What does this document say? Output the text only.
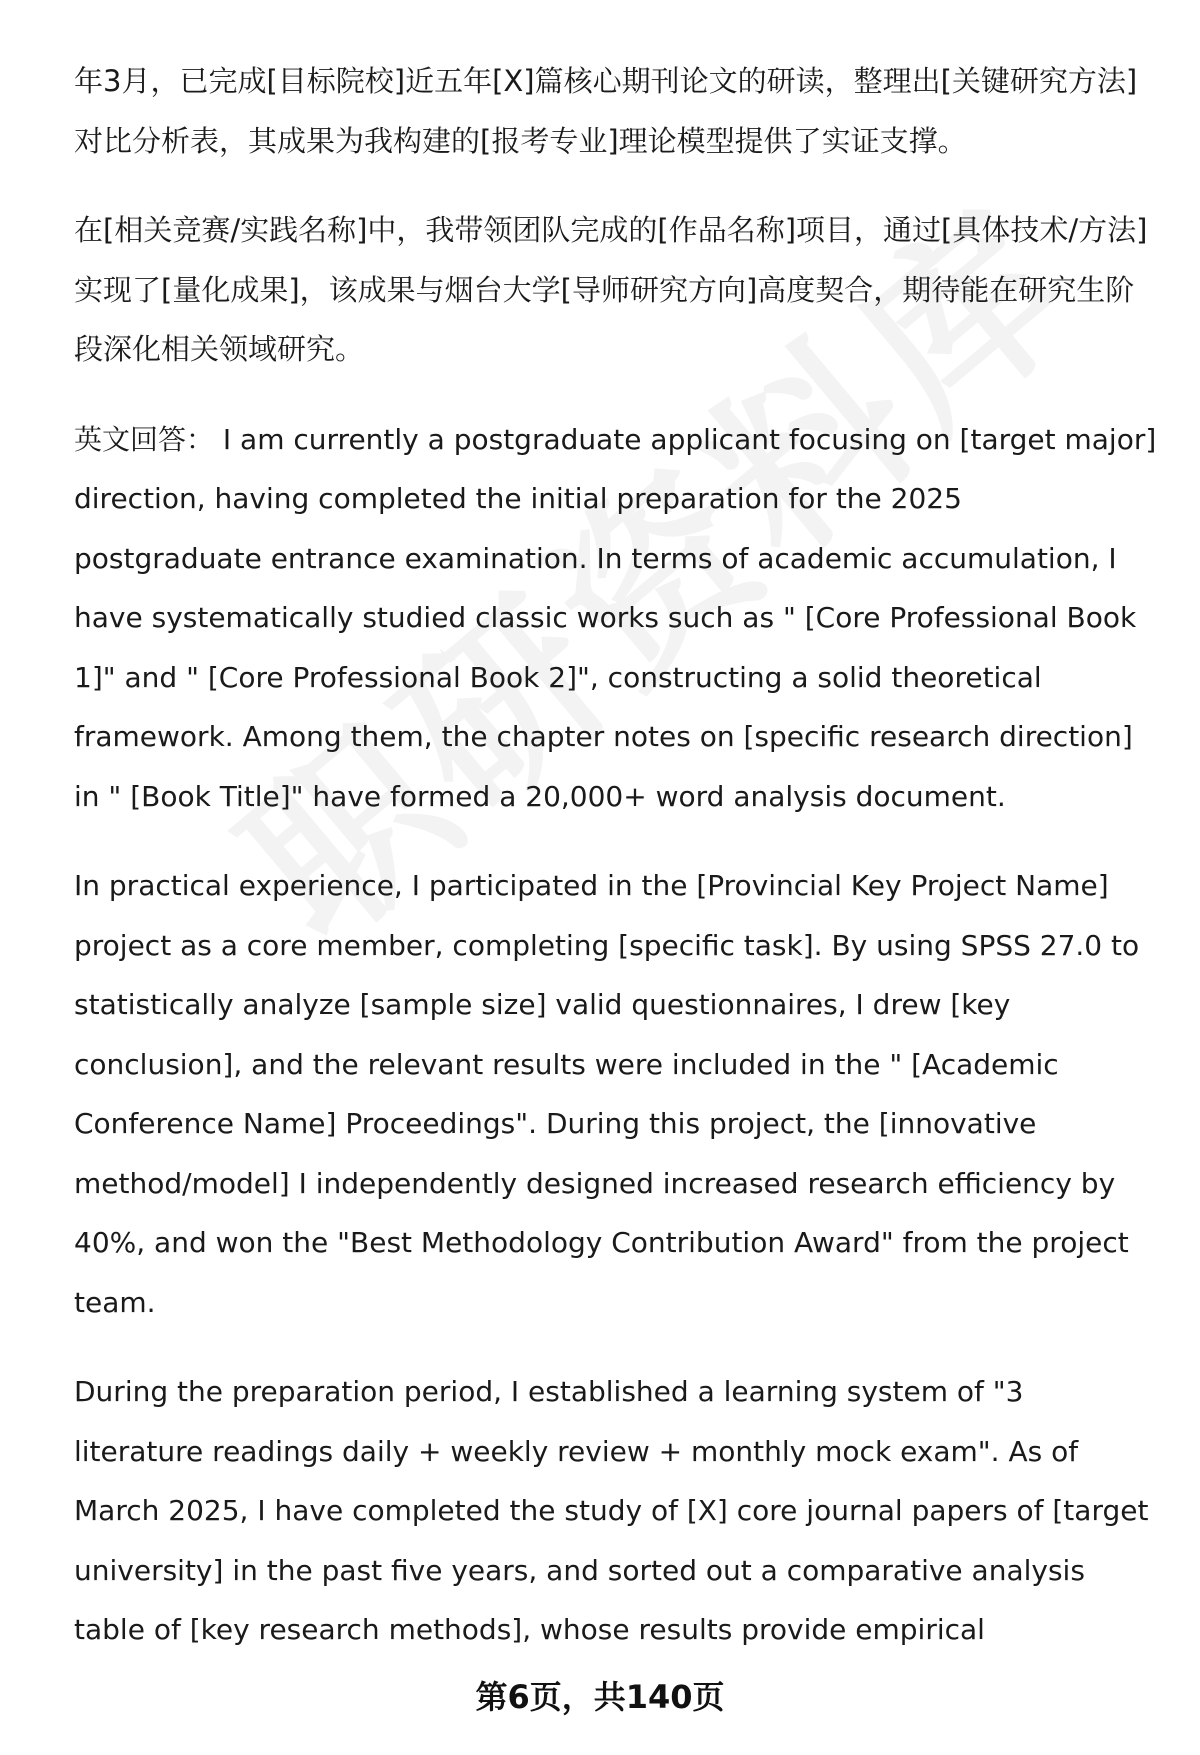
年3月，已完成[目标院校]近五年[X]篇核心期刊论文的研读，整理出[关键研究方法]对比分析表，其成果为我构建的[报考专业]理论模型提供了实证支撑。

在[相关竞赛/实践名称]中，我带领团队完成的[作品名称]项目，通过[具体技术/方法]实现了[量化成果]，该成果与烟台大学[导师研究方向]高度契合，期待能在研究生阶段深化相关领域研究。

英文回答： I am currently a postgraduate applicant focusing on [target major] direction, having completed the initial preparation for the 2025 postgraduate entrance examination. In terms of academic accumulation, I have systematically studied classic works such as " [Core Professional Book 1]" and " [Core Professional Book 2]", constructing a solid theoretical framework. Among them, the chapter notes on [specific research direction] in " [Book Title]" have formed a 20,000+ word analysis document.

In practical experience, I participated in the [Provincial Key Project Name] project as a core member, completing [specific task]. By using SPSS 27.0 to statistically analyze [sample size] valid questionnaires, I drew [key conclusion], and the relevant results were included in the " [Academic Conference Name] Proceedings". During this project, the [innovative method/model] I independently designed increased research efficiency by 40%, and won the "Best Methodology Contribution Award" from the project team.

During the preparation period, I established a learning system of "3 literature readings daily + weekly review + monthly mock exam". As of March 2025, I have completed the study of [X] core journal papers of [target university] in the past five years, and sorted out a comparative analysis table of [key research methods], whose results provide empirical

第6页，共140页
